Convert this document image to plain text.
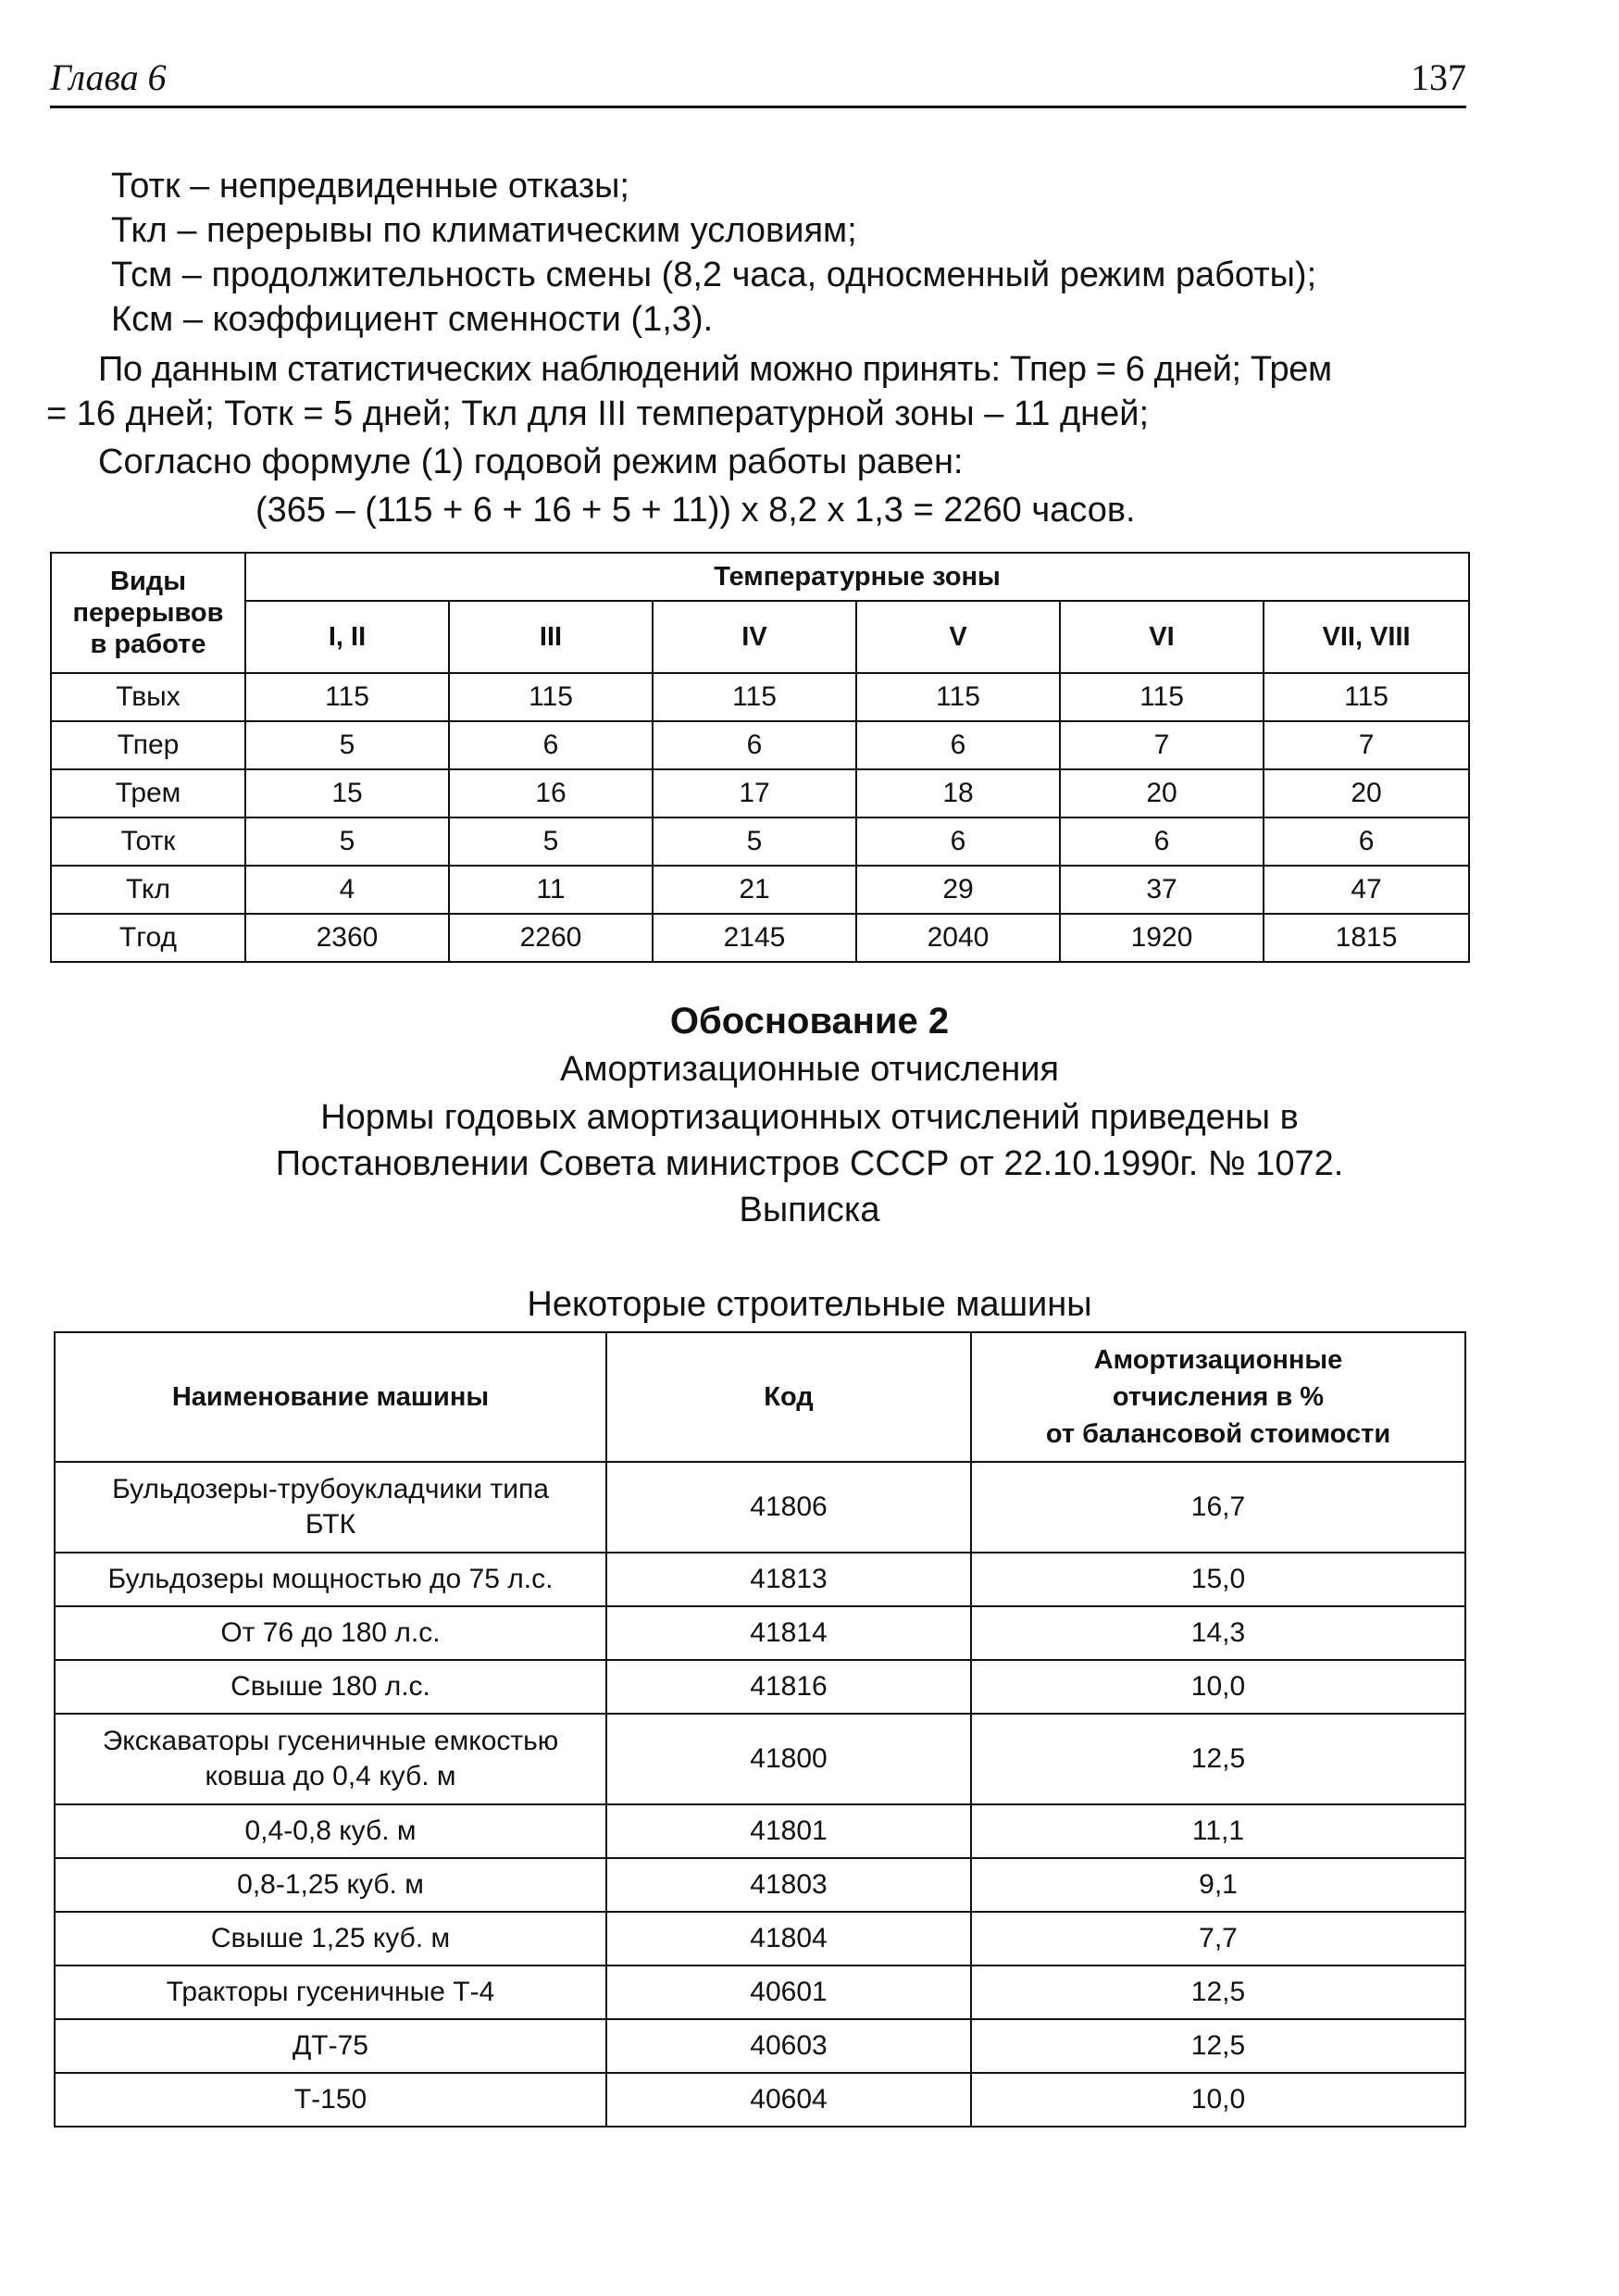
Глава 6	137
Тотк – непредвиденные отказы;
Ткл – перерывы по климатическим условиям;
Тсм – продолжительность смены (8,2 часа, односменный режим работы);
Ксм – коэффициент сменности (1,3).
По данным статистических наблюдений можно принять: Тпер = 6 дней; Трем
= 16 дней; Тотк = 5 дней; Ткл для III температурной зоны – 11 дней;
Согласно формуле (1) годовой режим работы равен:
(365 – (115 + 6 + 16 + 5 + 11)) х 8,2 х 1,3 = 2260 часов.
Виды перерывов в работе	Температурные зоны					
	I, II	III	IV	V	VI	VII, VIII
Твых	115	115	115	115	115	115
Тпер	5	6	6	6	7	7
Трем	15	16	17	18	20	20
Тотк	5	5	5	6	6	6
Ткл	4	11	21	29	37	47
Тгод	2360	2260	2145	2040	1920	1815
Обоснование 2
Амортизационные отчисления
Нормы годовых амортизационных отчислений приведены в
Постановлении Совета министров СССР от 22.10.1990г. № 1072.
Выписка
Некоторые строительные машины
Наименование машины	Код	Амортизационные
отчисления в %
от балансовой стоимости

Бульдозеры-трубоукладчики типа БТК	41806	16,7
Бульдозеры мощностью до 75 л.с.	41813	15,0
От 76 до 180 л.с.	41814	14,3
Свыше 180 л.с.	41816	10,0
Экскаваторы гусеничные емкостью ковша до 0,4 куб. м	41800	12,5
0,4-0,8 куб. м	41801	11,1
0,8-1,25 куб. м	41803	9,1
Свыше 1,25 куб. м	41804	7,7
Тракторы гусеничные Т-4	40601	12,5
ДТ-75	40603	12,5
Т-150	40604	10,0
